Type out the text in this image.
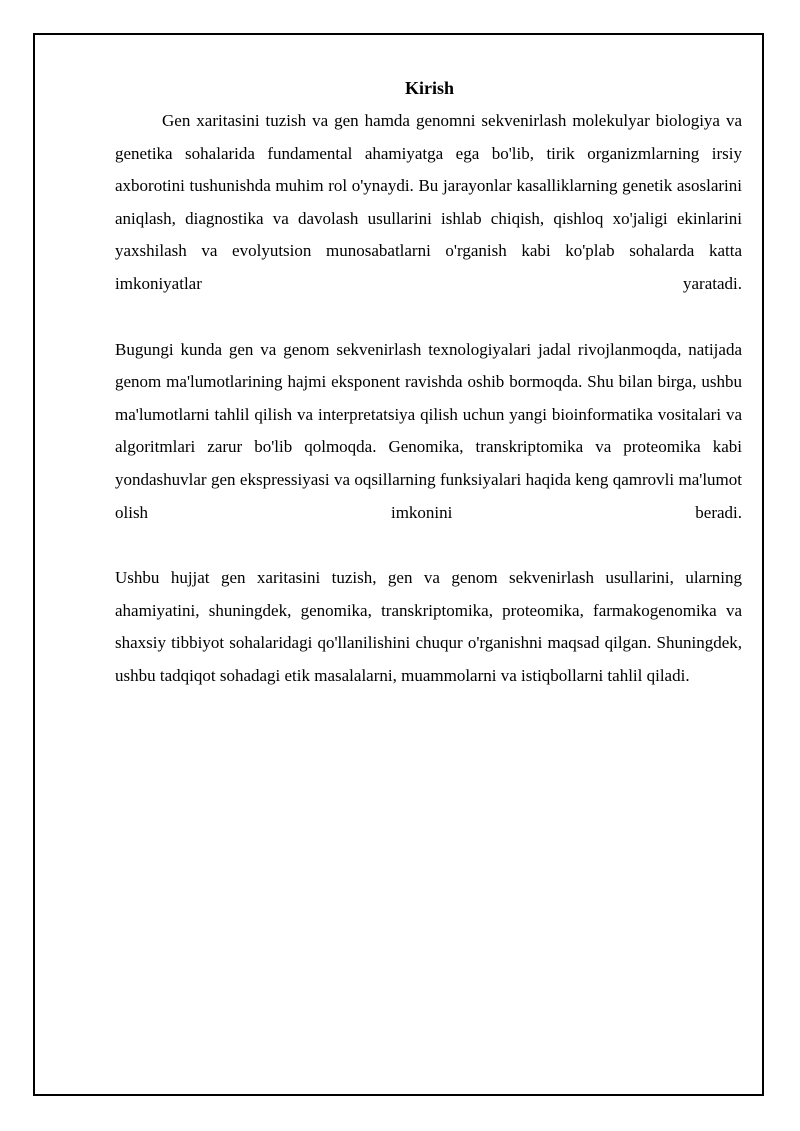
Kirish

Gen xaritasini tuzish va gen hamda genomni sekvenirlash molekulyar biologiya va genetika sohalarida fundamental ahamiyatga ega bo'lib, tirik organizmlarning irsiy axborotini tushunishda muhim rol o'ynaydi. Bu jarayonlar kasalliklarning genetik asoslarini aniqlash, diagnostika va davolash usullarini ishlab chiqish, qishloq xo'jaligi ekinlarini yaxshilash va evolyutsion munosabatlarni o'rganish kabi ko'plab sohalarda katta imkoniyatlar yaratadi.

Bugungi kunda gen va genom sekvenirlash texnologiyalari jadal rivojlanmoqda, natijada genom ma'lumotlarining hajmi eksponent ravishda oshib bormoqda. Shu bilan birga, ushbu ma'lumotlarni tahlil qilish va interpretatsiya qilish uchun yangi bioinformatika vositalari va algoritmlari zarur bo'lib qolmoqda. Genomika, transkriptomika va proteomika kabi yondashuvlar gen ekspressiyasi va oqsillarning funksiyalari haqida keng qamrovli ma'lumot olish imkonini beradi.

Ushbu hujjat gen xaritasini tuzish, gen va genom sekvenirlash usullarini, ularning ahamiyatini, shuningdek, genomika, transkriptomika, proteomika, farmakogenomika va shaxsiy tibbiyot sohalaridagi qo'llanilishini chuqur o'rganishni maqsad qilgan. Shuningdek, ushbu tadqiqot sohadagi etik masalalarni, muammolarni va istiqbollarni tahlil qiladi.
